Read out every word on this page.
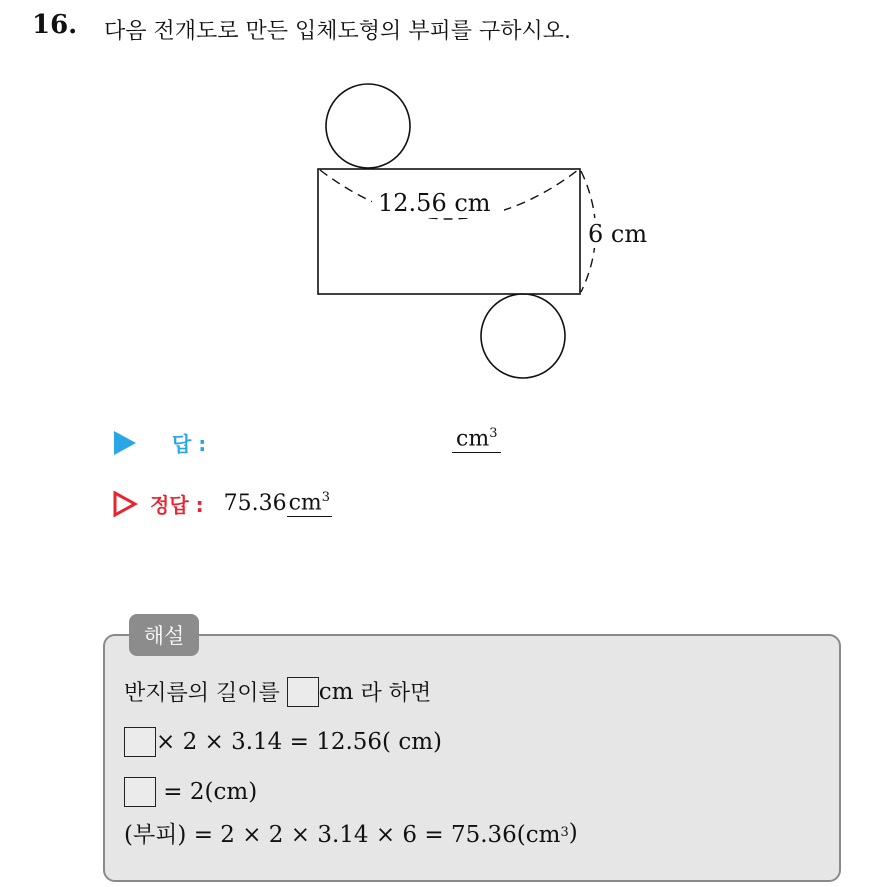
16. 다음 전개도로 만든 입체도형의 부피를 구하시오.
12.56 cm
6 cm
답 :	$cm^3$
정답 : 75.36 $cm^3$
해설
반지름의 길이를 cm 라 하면
× 2 × 3.14 = 12.56( cm)
= 2(cm)
(부피) = 2 × 2 × 3.14 × 6 = 75.36(cm 3 )
